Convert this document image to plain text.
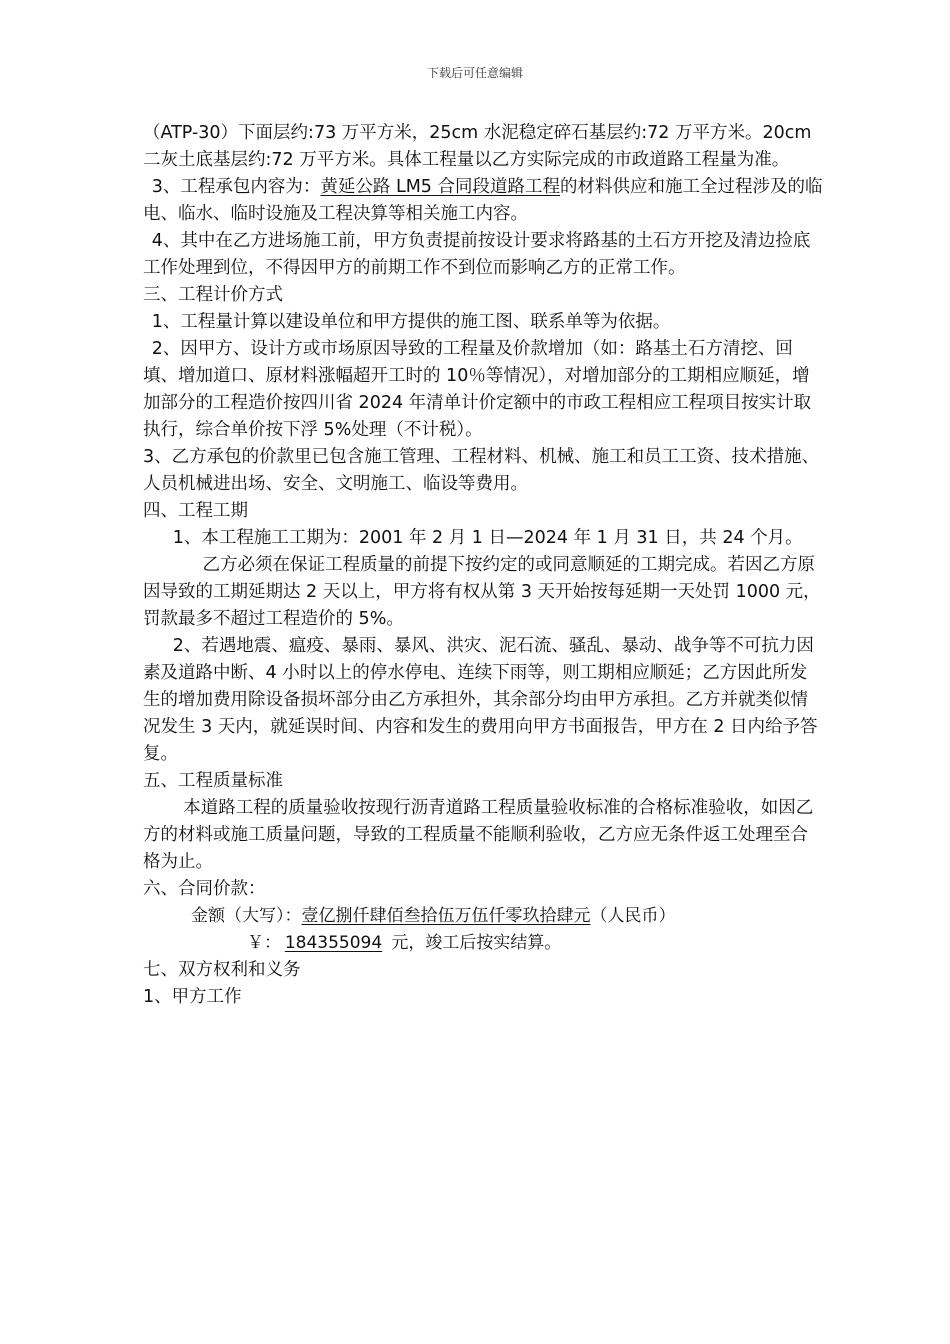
下载后可任意编辑

（ATP-30）下面层约:73 万平方米，25cm 水泥稳定碎石基层约:72 万平方米。20cm 二灰土底基层约:72 万平方米。具体工程量以乙方实际完成的市政道路工程量为准。

3、工程承包内容为：黄延公路 LM5 合同段道路工程的材料供应和施工全过程涉及的临电、临水、临时设施及工程决算等相关施工内容。

4、其中在乙方进场施工前，甲方负责提前按设计要求将路基的土石方开挖及清边捡底工作处理到位，不得因甲方的前期工作不到位而影响乙方的正常工作。

三、工程计价方式

1、工程量计算以建设单位和甲方提供的施工图、联系单等为依据。

2、因甲方、设计方或市场原因导致的工程量及价款增加（如：路基土石方清挖、回填、增加道口、原材料涨幅超开工时的 10％等情况），对增加部分的工期相应顺延，增加部分的工程造价按四川省 2024 年清单计价定额中的市政工程相应工程项目按实计取执行，综合单价按下浮 5%处理（不计税）。

3、乙方承包的价款里已包含施工管理、工程材料、机械、施工和员工工资、技术措施、人员机械进出场、安全、文明施工、临设等费用。

四、工程工期

1、本工程施工工期为：2001 年 2 月 1 日—2024 年 1 月 31 日，共 24 个月。

乙方必须在保证工程质量的前提下按约定的或同意顺延的工期完成。若因乙方原因导致的工期延期达 2 天以上，甲方将有权从第 3 天开始按每延期一天处罚 1000 元，罚款最多不超过工程造价的 5%。

2、若遇地震、瘟疫、暴雨、暴风、洪灾、泥石流、骚乱、暴动、战争等不可抗力因素及道路中断、4 小时以上的停水停电、连续下雨等，则工期相应顺延；乙方因此所发生的增加费用除设备损坏部分由乙方承担外，其余部分均由甲方承担。乙方并就类似情况发生 3 天内，就延误时间、内容和发生的费用向甲方书面报告，甲方在 2 日内给予答复。

五、工程质量标准

本道路工程的质量验收按现行沥青道路工程质量验收标准的合格标准验收，如因乙方的材料或施工质量问题，导致的工程质量不能顺利验收，乙方应无条件返工处理至合格为止。

六、合同价款：

金额（大写）：壹亿捌仟肆佰叁拾伍万伍仟零玖拾肆元（人民币）

￥： 184355094 元，竣工后按实结算。

七、双方权利和义务

1、甲方工作
